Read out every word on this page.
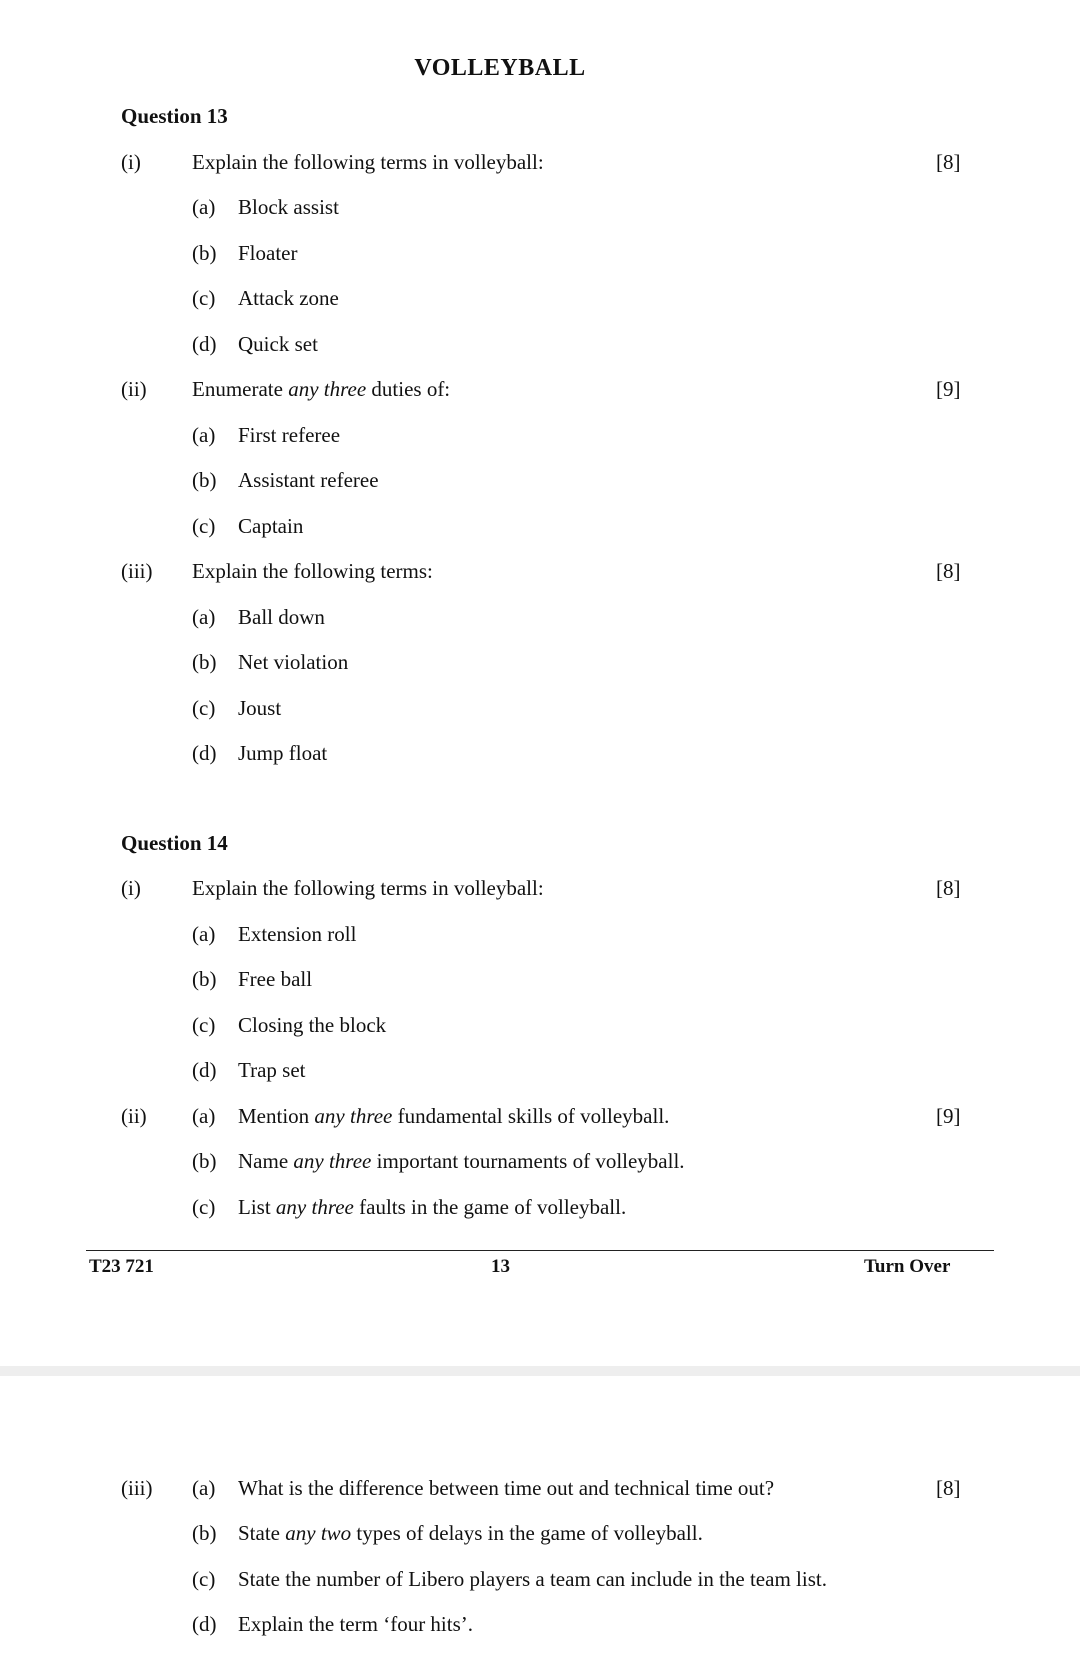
VOLLEYBALL
Question 13
(i) Explain the following terms in volleyball:	[8]
(a) Block assist
(b) Floater
(c) Attack zone
(d) Quick set
(ii) Enumerate any three duties of:	[9]
(a) First referee
(b) Assistant referee
(c) Captain
(iii) Explain the following terms:	[8]
(a) Ball down
(b) Net violation
(c) Joust
(d) Jump float
Question 14
(i) Explain the following terms in volleyball:	[8]
(a) Extension roll
(b) Free ball
(c) Closing the block
(d) Trap set
(ii) (a) Mention any three fundamental skills of volleyball.	[9]
(b) Name any three important tournaments of volleyball.
(c) List any three faults in the game of volleyball.
T23 721	13	Turn Over
(iii) (a) What is the difference between time out and technical time out?	[8]
(b) State any two types of delays in the game of volleyball.
(c) State the number of Libero players a team can include in the team list.
(d) Explain the term ‘four hits’.
